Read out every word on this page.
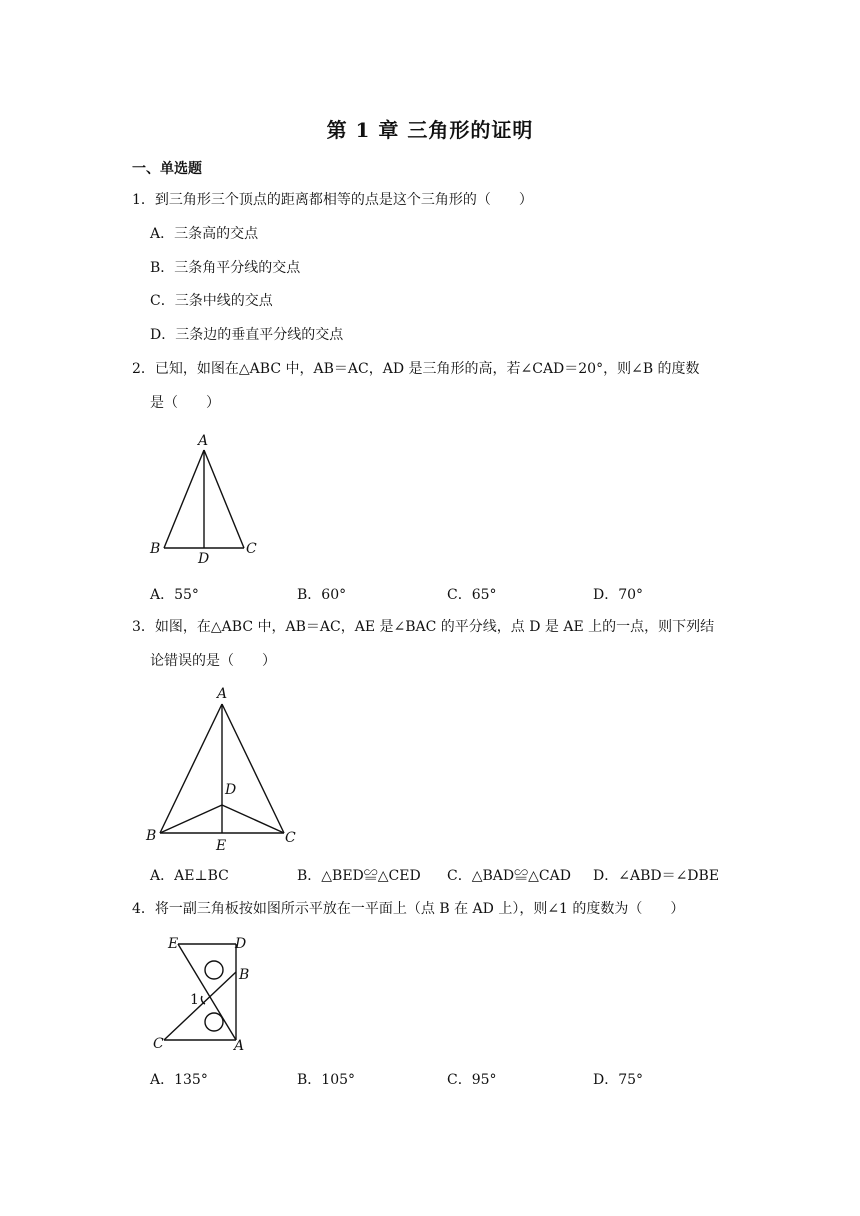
第 1 章 三角形的证明
一、单选题
1．到三角形三个顶点的距离都相等的点是这个三角形的（　　）
A．三条高的交点
B．三条角平分线的交点
C．三条中线的交点
D．三条边的垂直平分线的交点
2．已知，如图在△ABC 中，AB＝AC，AD 是三角形的高，若∠CAD＝20°，则∠B 的度数
是（　　）
A
B	C
D
A．55°	B．60°	C．65°	D．70°
3．如图，在△ABC 中，AB＝AC，AE 是∠BAC 的平分线，点 D 是 AE 上的一点，则下列结
论错误的是（　　）
A
B	C
D
E
A．AE⊥BC	B．△BED≌△CED C．△BAD≌△CAD D．∠ABD＝∠DBE
4．将一副三角板按如图所示平放在一平面上（点 B 在 AD 上），则∠1 的度数为（　　）
E	D
B
1
C	A
A．135°	B．105°	C．95°	D．75°
